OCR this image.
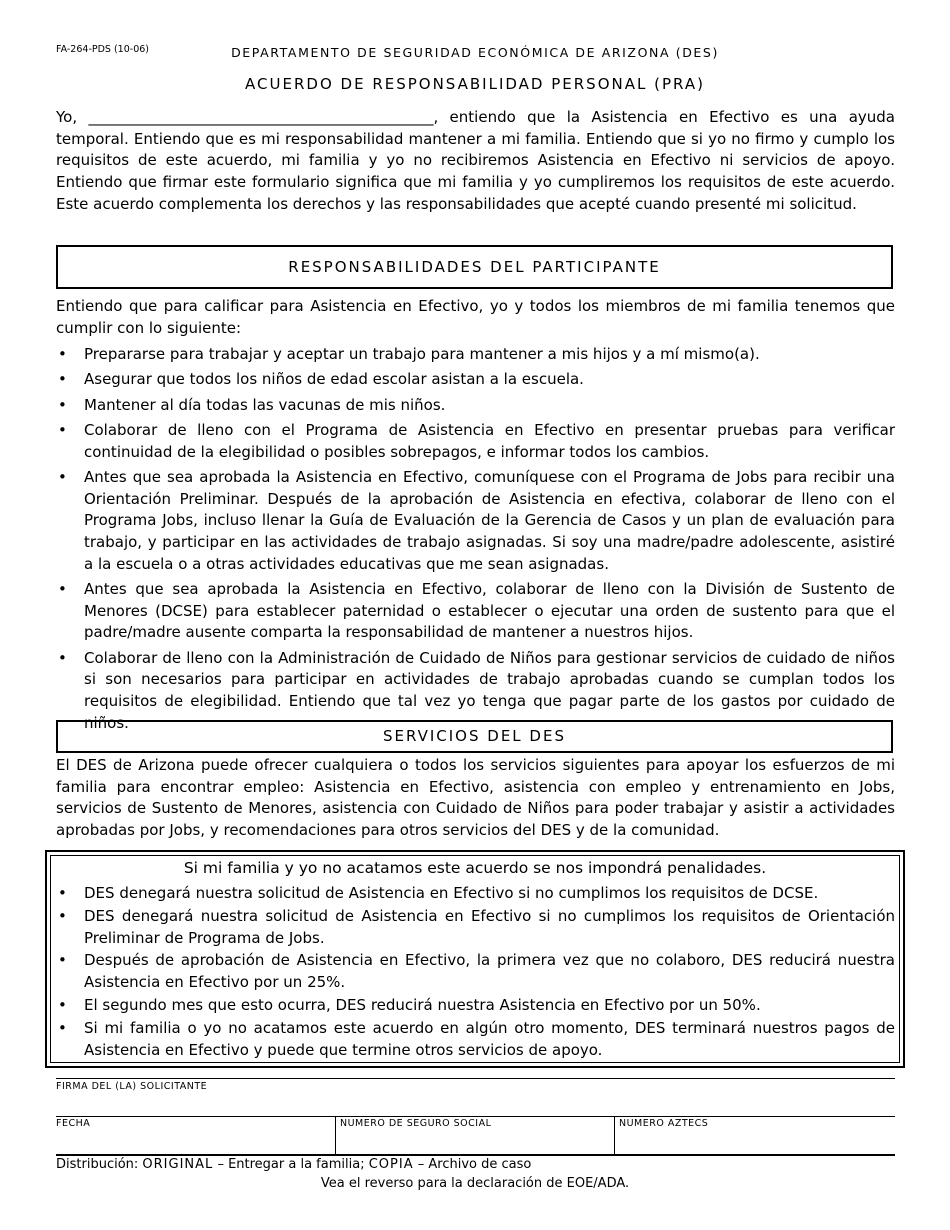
FA-264-PDS (10-06)	DEPARTAMENTO DE SEGURIDAD ECONÓMICA DE ARIZONA (DES)
ACUERDO DE RESPONSABILIDAD PERSONAL (PRA)
Yo, ______________________________________________, entiendo que la Asistencia en Efectivo es una ayuda temporal. Entiendo que es mi responsabilidad mantener a mi familia. Entiendo que si yo no firmo y cumplo los requisitos de este acuerdo, mi familia y yo no recibiremos Asistencia en Efectivo ni servicios de apoyo. Entiendo que firmar este formulario significa que mi familia y yo cumpliremos los requisitos de este acuerdo. Este acuerdo complementa los derechos y las responsabilidades que acepté cuando presenté mi solicitud.
RESPONSABILIDADES DEL PARTICIPANTE
Entiendo que para calificar para Asistencia en Efectivo, yo y todos los miembros de mi familia tenemos que cumplir con lo siguiente:
• Prepararse para trabajar y aceptar un trabajo para mantener a mis hijos y a mí mismo(a).
• Asegurar que todos los niños de edad escolar asistan a la escuela.
• Mantener al día todas las vacunas de mis niños.
• Colaborar de lleno con el Programa de Asistencia en Efectivo en presentar pruebas para verificar continuidad de la elegibilidad o posibles sobrepagos, e informar todos los cambios.
• Antes que sea aprobada la Asistencia en Efectivo, comuníquese con el Programa de Jobs para recibir una Orientación Preliminar. Después de la aprobación de Asistencia en efectiva, colaborar de lleno con el Programa Jobs, incluso llenar la Guía de Evaluación de la Gerencia de Casos y un plan de evaluación para trabajo, y participar en las actividades de trabajo asignadas. Si soy una madre/padre adolescente, asistiré a la escuela o a otras actividades educativas que me sean asignadas.
• Antes que sea aprobada la Asistencia en Efectivo, colaborar de lleno con la División de Sustento de Menores (DCSE) para establecer paternidad o establecer o ejecutar una orden de sustento para que el padre/madre ausente comparta la responsabilidad de mantener a nuestros hijos.
• Colaborar de lleno con la Administración de Cuidado de Niños para gestionar servicios de cuidado de niños si son necesarios para participar en actividades de trabajo aprobadas cuando se cumplan todos los requisitos de elegibilidad. Entiendo que tal vez yo tenga que pagar parte de los gastos por cuidado de niños.
SERVICIOS DEL DES
El DES de Arizona puede ofrecer cualquiera o todos los servicios siguientes para apoyar los esfuerzos de mi familia para encontrar empleo: Asistencia en Efectivo, asistencia con empleo y entrenamiento en Jobs, servicios de Sustento de Menores, asistencia con Cuidado de Niños para poder trabajar y asistir a actividades aprobadas por Jobs, y recomendaciones para otros servicios del DES y de la comunidad.
Si mi familia y yo no acatamos este acuerdo se nos impondrá penalidades.
• DES denegará nuestra solicitud de Asistencia en Efectivo si no cumplimos los requisitos de DCSE.
• DES denegará nuestra solicitud de Asistencia en Efectivo si no cumplimos los requisitos de Orientación Preliminar de Programa de Jobs.
• Después de aprobación de Asistencia en Efectivo, la primera vez que no colaboro, DES reducirá nuestra Asistencia en Efectivo por un 25%.
• El segundo mes que esto ocurra, DES reducirá nuestra Asistencia en Efectivo por un 50%.
• Si mi familia o yo no acatamos este acuerdo en algún otro momento, DES terminará nuestros pagos de Asistencia en Efectivo y puede que termine otros servicios de apoyo.
FIRMA DEL (LA) SOLICITANTE
FECHA	NUMERO DE SEGURO SOCIAL	NUMERO AZTECS
Distribución: ORIGINAL – Entregar a la familia; COPIA – Archivo de caso
Vea el reverso para la declaración de EOE/ADA.
